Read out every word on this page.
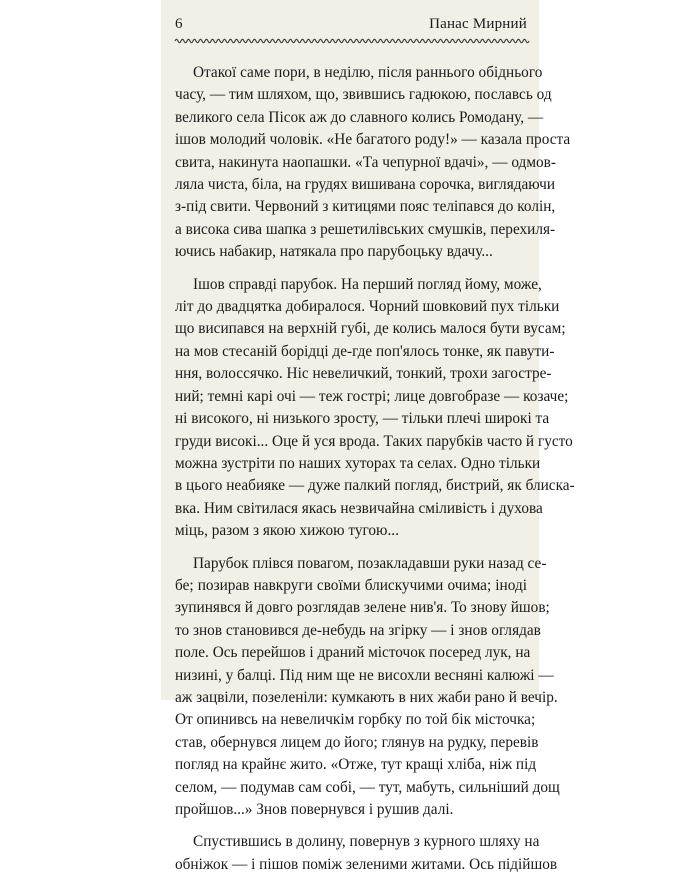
6	Панас Мирний
Отакої саме пори, в неділю, після раннього обіднього
часу, — тим шляхом, що, звившись гадюкою, пославсь од
великого села Пісок аж до славного колись Ромодану, —
ішов молодий чоловік. «Не багатого роду!» — казала проста
свита, накинута наопашки. «Та чепурної вдачі», — одмов-
ляла чиста, біла, на грудях вишивана сорочка, виглядаючи
з-під свити. Червоний з китицями пояс теліпався до колін,
а висока сива шапка з решетилівських смушків, перехиля-
ючись набакир, натякала про парубоцьку вдачу...
Ішов справді парубок. На перший погляд йому, може,
літ до двадцятка добиралося. Чорний шовковий пух тільки
що висипався на верхній губі, де колись малося бути вусам;
на мов стесаній борідці де-где поп'ялось тонке, як павути-
ння, волоссячко. Ніс невеличкий, тонкий, трохи загостре-
ний; темні карі очі — теж гострі; лице довгобразе — козаче;
ні високого, ні низького зросту, — тільки плечі широкі та
груди високі... Оце й уся врода. Таких парубків часто й густо
можна зустріти по наших хуторах та селах. Одно тільки
в цього неабияке — дуже палкий погляд, бистрий, як блиска-
вка. Ним світилася якась незвичайна сміливість і духова
міць, разом з якою хижою тугою...
Парубок плівся повагом, позакладавши руки назад се-
бе; позирав навкруги своїми блискучими очима; іноді
зупинявся й довго розглядав зелене нив'я. То знову йшов;
то знов становився де-небудь на згірку — і знов оглядав
поле. Ось перейшов і драний місточок посеред лук, на
низині, у балці. Під ним ще не висохли весняні калюжі —
аж зацвіли, позеленіли: кумкають в них жаби рано й вечір.
От опинивсь на невеличкім горбку по той бік місточка;
став, обернувся лицем до його; глянув на рудку, перевів
погляд на крайнє жито. «Отже, тут кращі хліба, ніж під
селом, — подумав сам собі, — тут, мабуть, сильніший дощ
пройшов...» Знов повернувся і рушив далі.
Спустившись в долину, повернув з курного шляху на
обніжок — і пішов поміж зеленими житами. Ось підійшов
